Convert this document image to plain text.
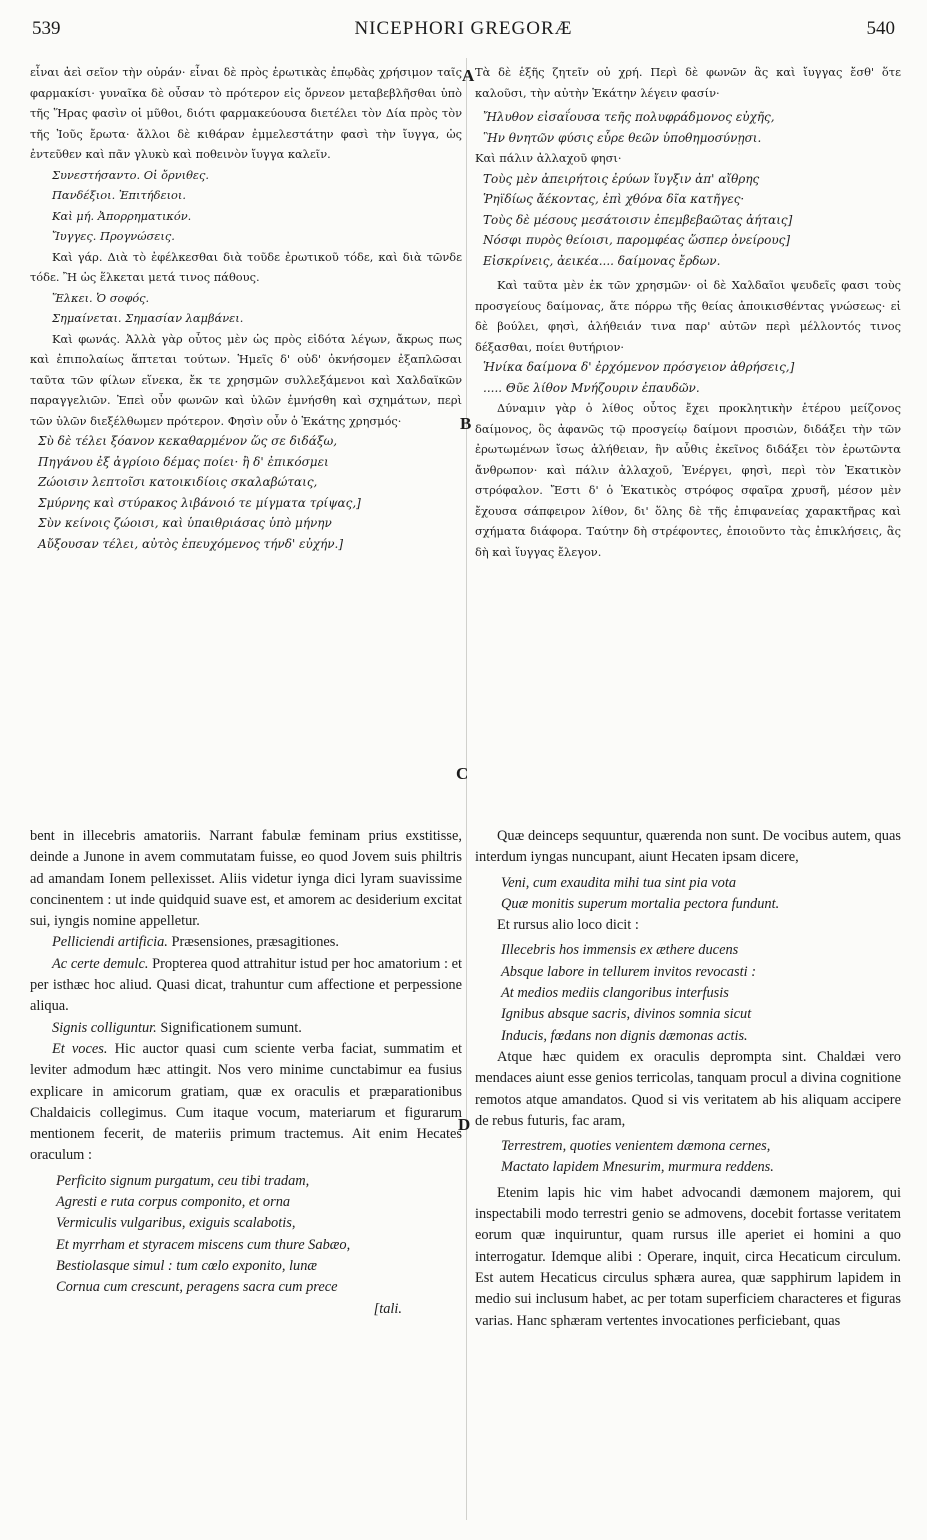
539	NICEPHORI GREGORÆ	540
A
B
C
D

εἶναι ἀεὶ σεῖον τὴν οὐράν· εἶναι δὲ πρὸς ἐρωτικὰς ἐπῳδὰς χρήσιμον ταῖς φαρμακίσι· γυναῖκα δὲ οὖσαν τὸ πρότερον εἰς ὄρνεον μεταβεβλῆσθαι ὑπὸ τῆς Ἥρας φασὶν οἱ μῦθοι, διότι φαρμακεύουσα διετέλει τὸν Δία πρὸς τὸν τῆς Ἰοῦς ἔρωτα· ἄλλοι δὲ κιθάραν ἐμμελεστάτην φασὶ τὴν ἴυγγα, ὡς ἐντεῦθεν καὶ πᾶν γλυκὺ καὶ ποθεινὸν ἴυγγα καλεῖν.

Συνεστήσαντο. Οἱ ὄρνιθες.

Πανδέξιοι. Ἐπιτήδειοι.

Καὶ μή. Ἀπορρηματικόν.

Ἴυγγες. Προγνώσεις.

Καὶ γάρ. Διὰ τὸ ἐφέλκεσθαι διὰ τοῦδε ἐρωτικοῦ τόδε, καὶ διὰ τῶνδε τόδε. Ἢ ὡς ἕλκεται μετά τινος πάθους.

Ἕλκει. Ὁ σοφός.

Σημαίνεται. Σημασίαν λαμβάνει.

Καὶ φωνάς. Ἀλλὰ γὰρ οὗτος μὲν ὡς πρὸς εἰδότα λέγων, ἄκρως πως καὶ ἐπιπολαίως ἅπτεται τούτων. Ἡμεῖς δ' οὐδ' ὀκνήσομεν ἐξαπλῶσαι ταῦτα τῶν φίλων εἵνεκα, ἔκ τε χρησμῶν συλλεξάμενοι καὶ Χαλδαϊκῶν παραγγελιῶν. Ἐπεὶ οὖν φωνῶν καὶ ὑλῶν ἐμνήσθη καὶ σχημάτων, περὶ τῶν ὑλῶν διεξέλθωμεν πρότερον. Φησὶν οὖν ὁ Ἑκάτης χρησμός·

Σὺ δὲ τέλει ξόανον κεκαθαρμένον ὥς σε διδάξω,

Πηγάνου ἐξ ἀγρίοιο δέμας ποίει· ἢ δ' ἐπικόσμει

Ζώοισιν λεπτοῖσι κατοικιδίοις σκαλαβώταις,

Σμύρνης καὶ στύρακος λιβάνοιό τε μίγματα τρίψας,]

Σὺν κείνοις ζώοισι, καὶ ὑπαιθριάσας ὑπὸ μήνην

Αὔξουσαν τέλει, αὐτὸς ἐπευχόμενος τήνδ' εὐχήν.]

Τὰ δὲ ἑξῆς ζητεῖν οὐ χρή. Περὶ δὲ φωνῶν ἃς καὶ ἴυγγας ἔσθ' ὅτε καλοῦσι, τὴν αὐτὴν Ἑκάτην λέγειν φασίν·

Ἤλυθον εἰσαΐουσα τεῆς πολυφράδμονος εὐχῆς,

Ἣν θνητῶν φύσις εὗρε θεῶν ὑποθημοσύνῃσι.

Καὶ πάλιν ἀλλαχοῦ φησι·

Τοὺς μὲν ἀπειρήτοις ἐρύων ἴυγξιν ἀπ' αἴθρης

Ῥηϊδίως ἄέκοντας, ἐπὶ χθόνα δῖα κατῆγες·

Τοὺς δὲ μέσους μεσάτοισιν ἐπεμβεβαῶτας ἀήταις]

Νόσφι πυρὸς θείοισι, παρομφέας ὥσπερ ὀνείρους]

Εἰσκρίνεις, ἀεικέα.... δαίμονας ἔρδων.

Καὶ ταῦτα μὲν ἐκ τῶν χρησμῶν· οἱ δὲ Χαλδαῖοι ψευδεῖς φασι τοὺς προσγείους δαίμονας, ἅτε πόρρω τῆς θείας ἀποικισθέντας γνώσεως· εἰ δὲ βούλει, φησὶ, ἀλήθειάν τινα παρ' αὐτῶν περὶ μέλλοντός τινος δέξασθαι, ποίει θυτήριον·

Ἡνίκα δαίμονα δ' ἐρχόμενον πρόσγειον ἀθρήσεις,]

..... Θῦε λίθον Μνήζουριν ἐπαυδῶν.

Δύναμιν γὰρ ὁ λίθος οὗτος ἔχει προκλητικὴν ἑτέρου μείζονος δαίμονος, ὃς ἀφανῶς τῷ προσγείῳ δαίμονι προσιὼν, διδάξει τὴν τῶν ἐρωτωμένων ἴσως ἀλήθειαν, ἣν αὖθις ἐκεῖνος διδάξει τὸν ἐρωτῶντα ἄνθρωπον· καὶ πάλιν ἀλλαχοῦ, Ἐνέργει, φησὶ, περὶ τὸν Ἑκατικὸν στρόφαλον. Ἔστι δ' ὁ Ἑκατικὸς στρόφος σφαῖρα χρυσῆ, μέσον μὲν ἔχουσα σάπφειρον λίθον, δι' ὅλης δὲ τῆς ἐπιφανείας χαρακτῆρας καὶ σχήματα διάφορα. Ταύτην δὴ στρέφοντες, ἐποιοῦντο τὰς ἐπικλήσεις, ἃς δὴ καὶ ἴυγγας ἔλεγον.

bent in illecebris amatoriis. Narrant fabulæ feminam prius exstitisse, deinde a Junone in avem commutatam fuisse, eo quod Jovem suis philtris ad amandam Ionem pellexisset. Aliis videtur iynga dici lyram suavissime concinentem : ut inde quidquid suave est, et amorem ac desiderium excitat sui, iyngis nomine appelletur.

Pelliciendi artificia. Præsensiones, præsagitiones.

Ac certe demulc. Propterea quod attrahitur istud per hoc amatorium : et per isthæc hoc aliud. Quasi dicat, trahuntur cum affectione et perpessione aliqua.

Signis colliguntur. Significationem sumunt.

Et voces. Hic auctor quasi cum sciente verba faciat, summatim et leviter admodum hæc attingit. Nos vero minime cunctabimur ea fusius explicare in amicorum gratiam, quæ ex oraculis et præparationibus Chaldaicis collegimus. Cum itaque vocum, materiarum et figurarum mentionem fecerit, de materiis primum tractemus. Ait enim Hecates oraculum :

Perficito signum purgatum, ceu tibi tradam,

Agresti e ruta corpus componito, et orna

Vermiculis vulgaribus, exiguis scalabotis,

Et myrrham et styracem miscens cum thure Sabæo,

Bestiolasque simul : tum cœlo exponito, lunæ

Cornua cum crescunt, peragens sacra cum prece

[tali.

Quæ deinceps sequuntur, quærenda non sunt. De vocibus autem, quas interdum iyngas nuncupant, aiunt Hecaten ipsam dicere,

Veni, cum exaudita mihi tua sint pia vota

Quæ monitis superum mortalia pectora fundunt.

Et rursus alio loco dicit :

Illecebris hos immensis ex æthere ducens

Absque labore in tellurem invitos revocasti :

At medios mediis clangoribus interfusis

Ignibus absque sacris, divinos somnia sicut

Inducis, fœdans non dignis dæmonas actis.

Atque hæc quidem ex oraculis deprompta sint. Chaldæi vero mendaces aiunt esse genios terricolas, tanquam procul a divina cognitione remotos atque amandatos. Quod si vis veritatem ab his aliquam accipere de rebus futuris, fac aram,

Terrestrem, quoties venientem dæmona cernes,

Mactato lapidem Mnesurim, murmura reddens.

Etenim lapis hic vim habet advocandi dæmonem majorem, qui inspectabili modo terrestri genio se admovens, docebit fortasse veritatem eorum quæ inquiruntur, quam rursus ille aperiet ei homini a quo interrogatur. Idemque alibi : Operare, inquit, circa Hecaticum circulum. Est autem Hecaticus circulus sphæra aurea, quæ sapphirum lapidem in medio sui inclusum habet, ac per totam superficiem characteres et figuras varias. Hanc sphæram vertentes invocationes perficiebant, quas
